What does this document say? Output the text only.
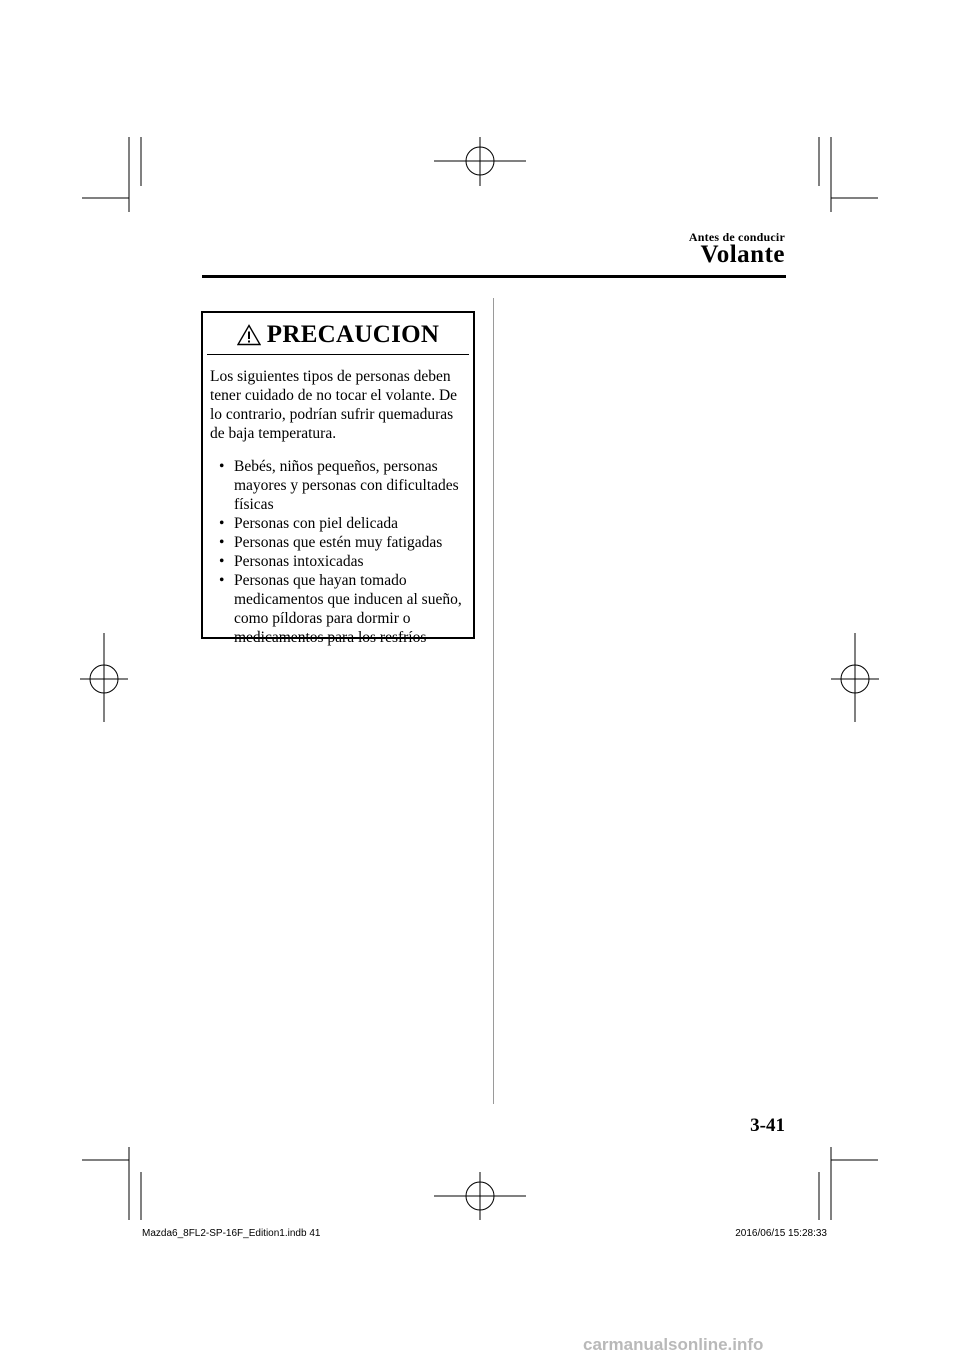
Antes de conducir
Volante
PRECAUCION
Los siguientes tipos de personas deben tener cuidado de no tocar el volante. De lo contrario, podrían sufrir quemaduras de baja temperatura.
• Bebés, niños pequeños, personas mayores y personas con dificultades físicas
• Personas con piel delicada
• Personas que estén muy fatigadas
• Personas intoxicadas
• Personas que hayan tomado medicamentos que inducen al sueño, como píldoras para dormir o medicamentos para los resfríos
3-41
Mazda6_8FL2-SP-16F_Edition1.indb 41	2016/06/15 15:28:33
carmanualsonline.info
